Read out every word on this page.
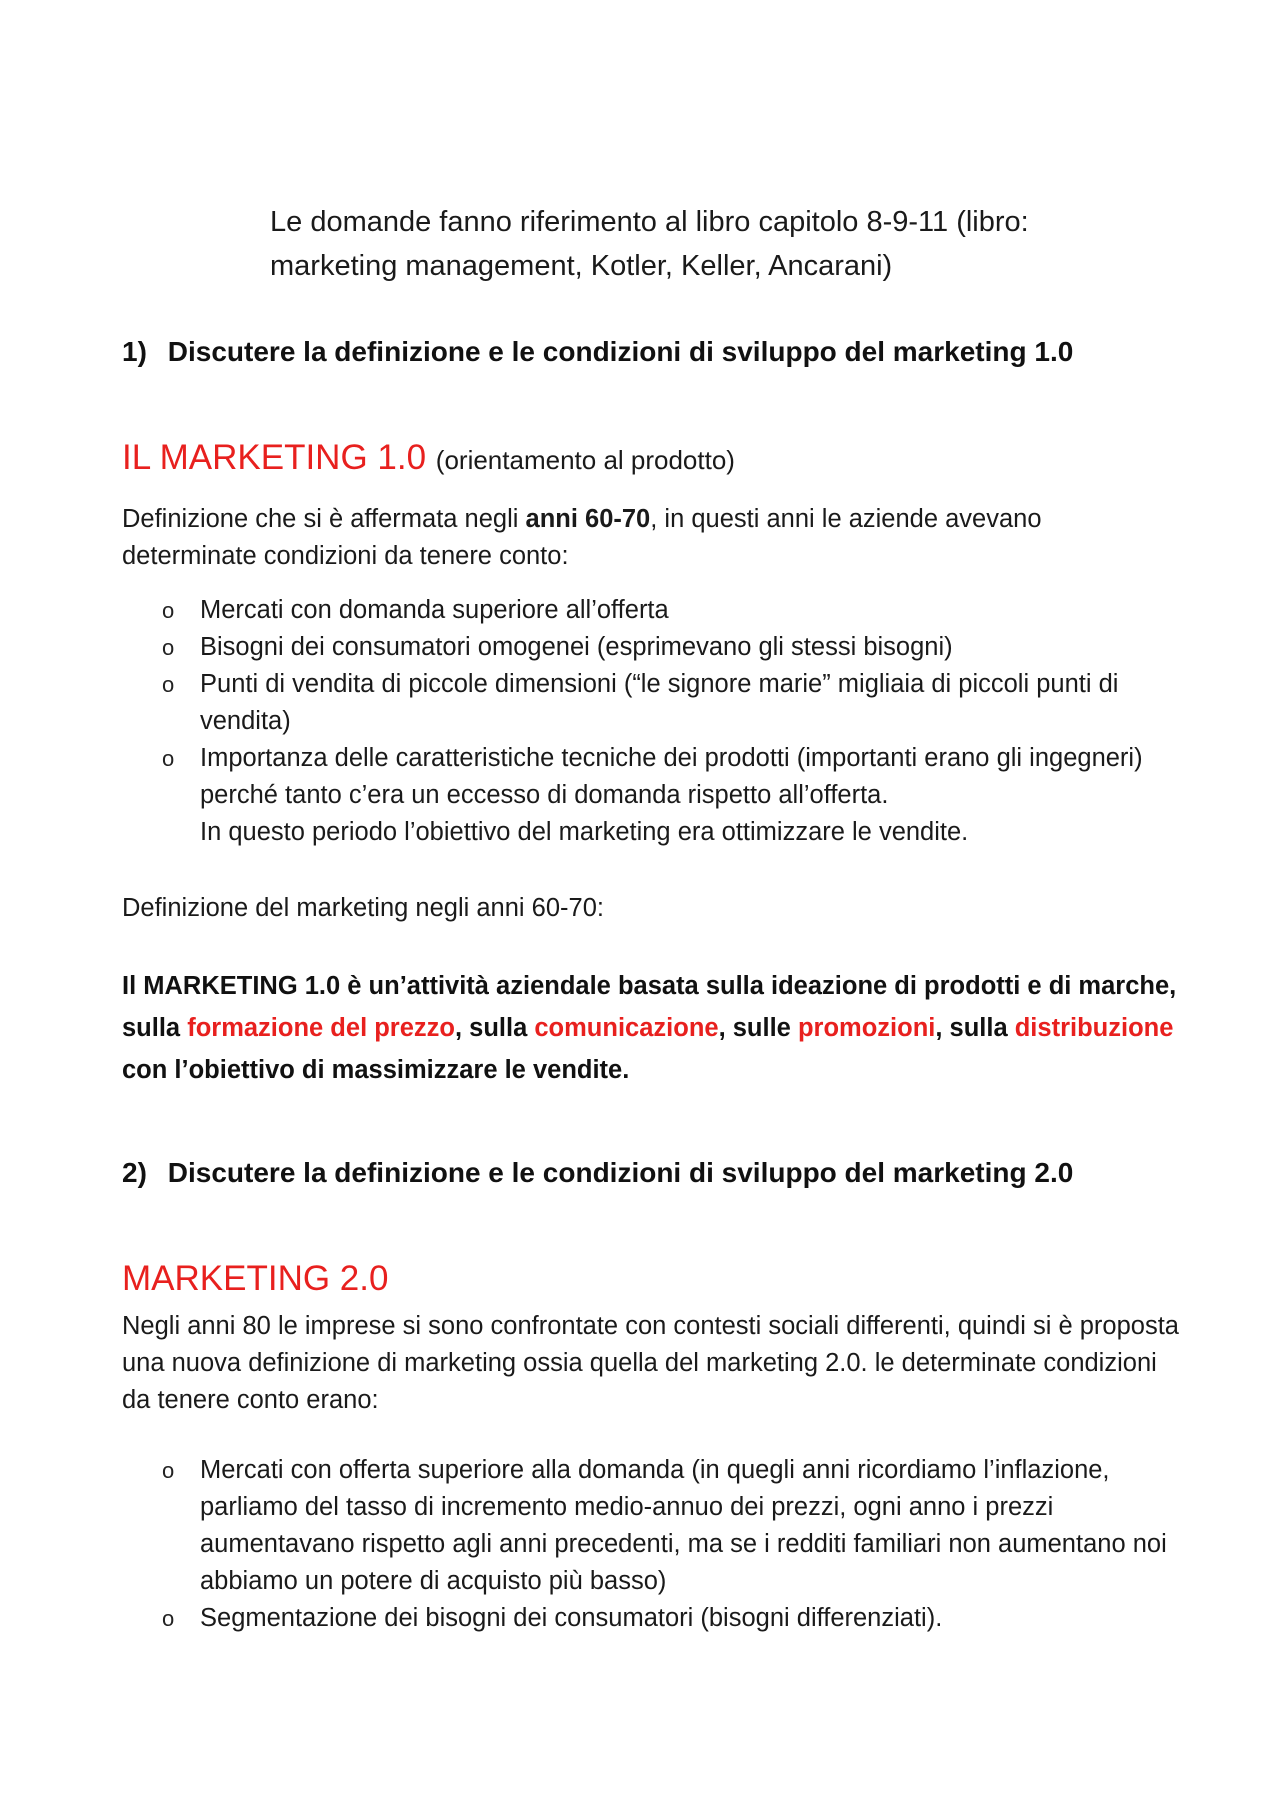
Le domande fanno riferimento al libro capitolo 8-9-11 (libro:
marketing management, Kotler, Keller, Ancarani)
1) Discutere la definizione e le condizioni di sviluppo del marketing 1.0
IL MARKETING 1.0 (orientamento al prodotto)
Definizione che si è affermata negli anni 60-70, in questi anni le aziende avevano determinate condizioni da tenere conto:
o Mercati con domanda superiore all’offerta
o Bisogni dei consumatori omogenei (esprimevano gli stessi bisogni)
o Punti di vendita di piccole dimensioni (“le signore marie” migliaia di piccoli punti di vendita)
o Importanza delle caratteristiche tecniche dei prodotti (importanti erano gli ingegneri) perché tanto c’era un eccesso di domanda rispetto all’offerta.
In questo periodo l’obiettivo del marketing era ottimizzare le vendite.
Definizione del marketing negli anni 60-70:
Il MARKETING 1.0 è un’attività aziendale basata sulla ideazione di prodotti e di marche, sulla formazione del prezzo, sulla comunicazione, sulle promozioni, sulla distribuzione con l’obiettivo di massimizzare le vendite.
2) Discutere la definizione e le condizioni di sviluppo del marketing 2.0
MARKETING 2.0
Negli anni 80 le imprese si sono confrontate con contesti sociali differenti, quindi si è proposta una nuova definizione di marketing ossia quella del marketing 2.0. le determinate condizioni da tenere conto erano:
o Mercati con offerta superiore alla domanda (in quegli anni ricordiamo l’inflazione, parliamo del tasso di incremento medio-annuo dei prezzi, ogni anno i prezzi aumentavano rispetto agli anni precedenti, ma se i redditi familiari non aumentano noi abbiamo un potere di acquisto più basso)
o Segmentazione dei bisogni dei consumatori (bisogni differenziati).
